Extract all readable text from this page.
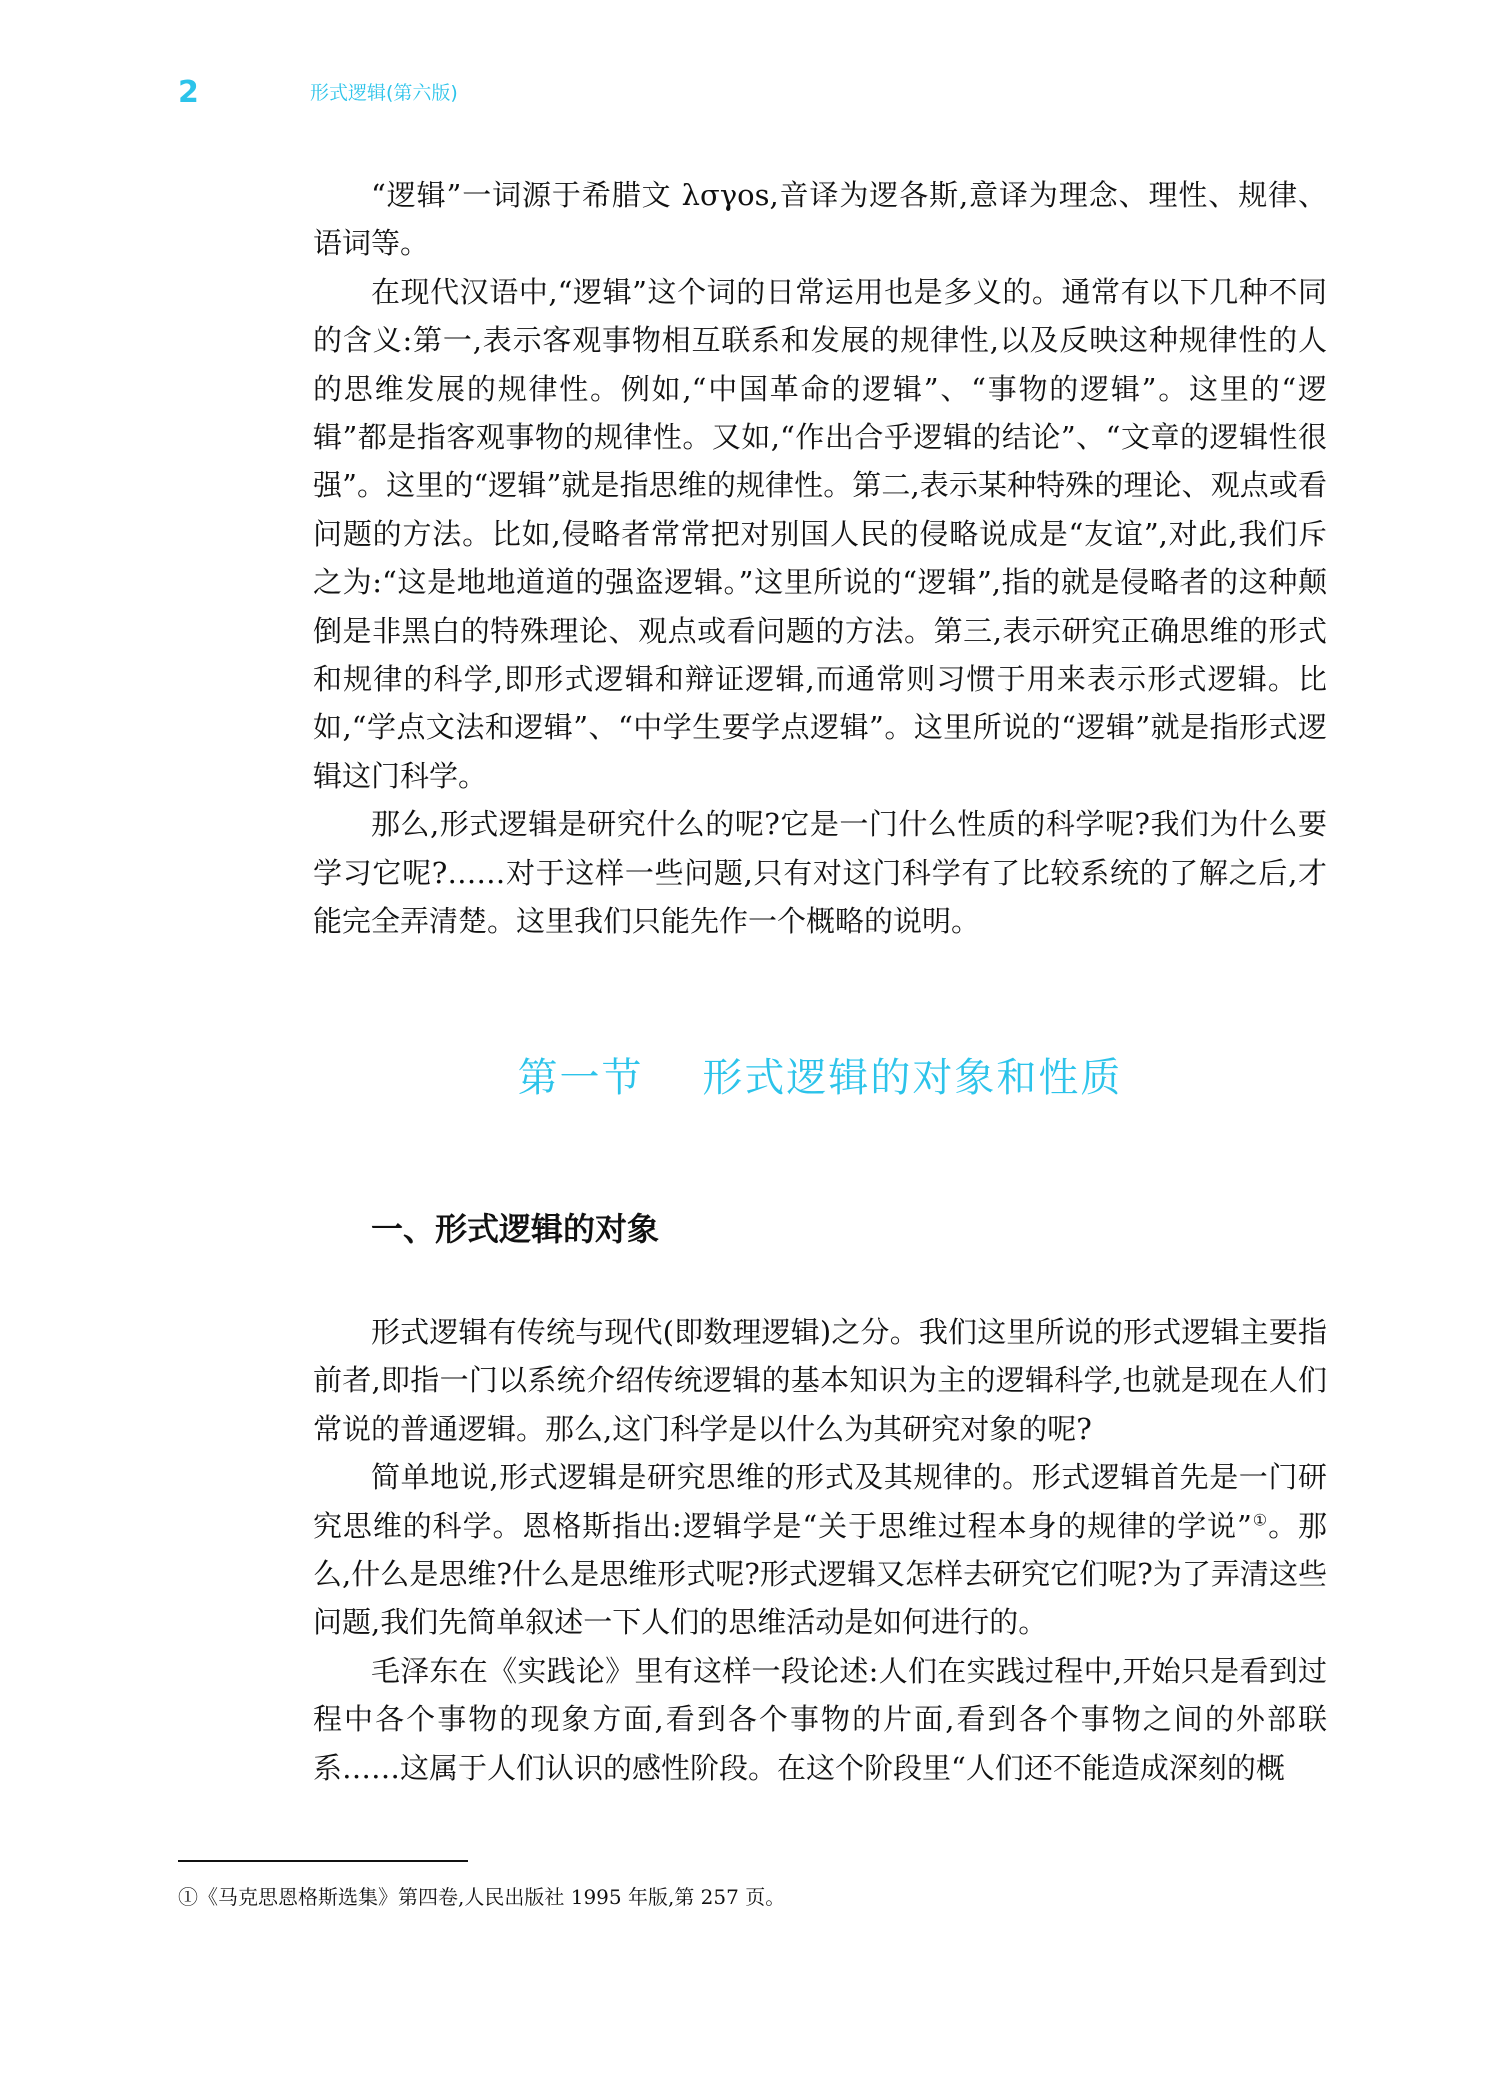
2	形式逻辑(第六版)

“逻辑”一词源于希腊文 λσγοs,音译为逻各斯,意译为理念、理性、规律、语词等。

在现代汉语中,“逻辑”这个词的日常运用也是多义的。通常有以下几种不同的含义:第一,表示客观事物相互联系和发展的规律性,以及反映这种规律性的人的思维发展的规律性。例如,“中国革命的逻辑”、“事物的逻辑”。这里的“逻辑”都是指客观事物的规律性。又如,“作出合乎逻辑的结论”、“文章的逻辑性很强”。这里的“逻辑”就是指思维的规律性。第二,表示某种特殊的理论、观点或看问题的方法。比如,侵略者常常把对别国人民的侵略说成是“友谊”,对此,我们斥之为:“这是地地道道的强盗逻辑。”这里所说的“逻辑”,指的就是侵略者的这种颠倒是非黑白的特殊理论、观点或看问题的方法。第三,表示研究正确思维的形式和规律的科学,即形式逻辑和辩证逻辑,而通常则习惯于用来表示形式逻辑。比如,“学点文法和逻辑”、“中学生要学点逻辑”。这里所说的“逻辑”就是指形式逻辑这门科学。

那么,形式逻辑是研究什么的呢?它是一门什么性质的科学呢?我们为什么要学习它呢?……对于这样一些问题,只有对这门科学有了比较系统的了解之后,才能完全弄清楚。这里我们只能先作一个概略的说明。

第一节    形式逻辑的对象和性质
一、形式逻辑的对象

形式逻辑有传统与现代(即数理逻辑)之分。我们这里所说的形式逻辑主要指前者,即指一门以系统介绍传统逻辑的基本知识为主的逻辑科学,也就是现在人们常说的普通逻辑。那么,这门科学是以什么为其研究对象的呢?

简单地说,形式逻辑是研究思维的形式及其规律的。形式逻辑首先是一门研究思维的科学。恩格斯指出:逻辑学是“关于思维过程本身的规律的学说”①。那么,什么是思维?什么是思维形式呢?形式逻辑又怎样去研究它们呢?为了弄清这些问题,我们先简单叙述一下人们的思维活动是如何进行的。

毛泽东在《实践论》里有这样一段论述:人们在实践过程中,开始只是看到过程中各个事物的现象方面,看到各个事物的片面,看到各个事物之间的外部联系……这属于人们认识的感性阶段。在这个阶段里“人们还不能造成深刻的概

①《马克思恩格斯选集》第四卷,人民出版社 1995 年版,第 257 页。
